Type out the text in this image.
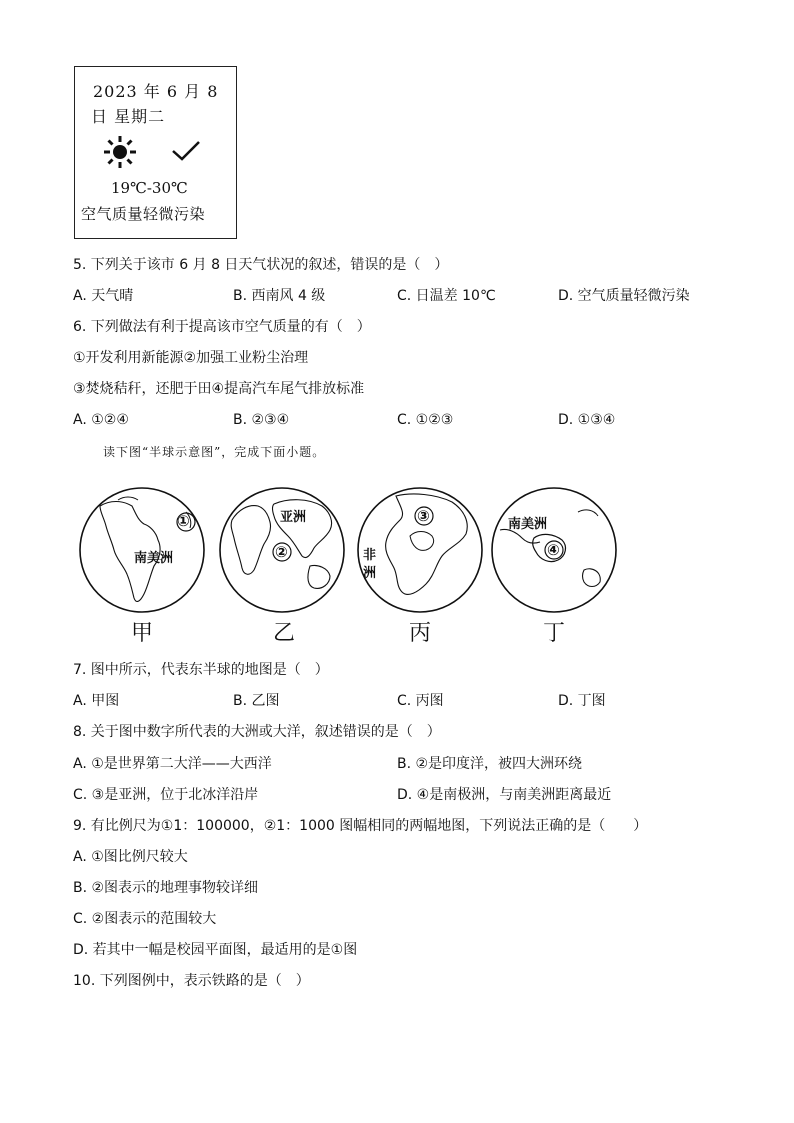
2023 年 6 月 8
日 星期二
19℃-30℃
空气质量轻微污染
5. 下列关于该市 6 月 8 日天气状况的叙述，错误的是（　）
A. 天气晴	B. 西南风 4 级	C. 日温差 10℃	D. 空气质量轻微污染
6. 下列做法有利于提高该市空气质量的有（　）
①开发利用新能源②加强工业粉尘治理
③焚烧秸秆，还肥于田④提高汽车尾气排放标准
A. ①②④	B. ②③④	C. ①②③	D. ①③④
读下图“半球示意图”，完成下面小题。
①
南美洲
甲
②
亚洲
乙
③
非
洲
丙
④
南美洲
丁
7. 图中所示，代表东半球的地图是（　）
A. 甲图	B. 乙图	C. 丙图	D. 丁图
8. 关于图中数字所代表的大洲或大洋，叙述错误的是（　）
A. ①是世界第二大洋——大西洋	B. ②是印度洋，被四大洲环绕
C. ③是亚洲，位于北冰洋沿岸	D. ④是南极洲，与南美洲距离最近
9. 有比例尺为①1：100000，②1：1000 图幅相同的两幅地图，下列说法正确的是（　　）
A. ①图比例尺较大
B. ②图表示的地理事物较详细
C. ②图表示的范围较大
D. 若其中一幅是校园平面图，最适用的是①图
10. 下列图例中，表示铁路的是（　）
